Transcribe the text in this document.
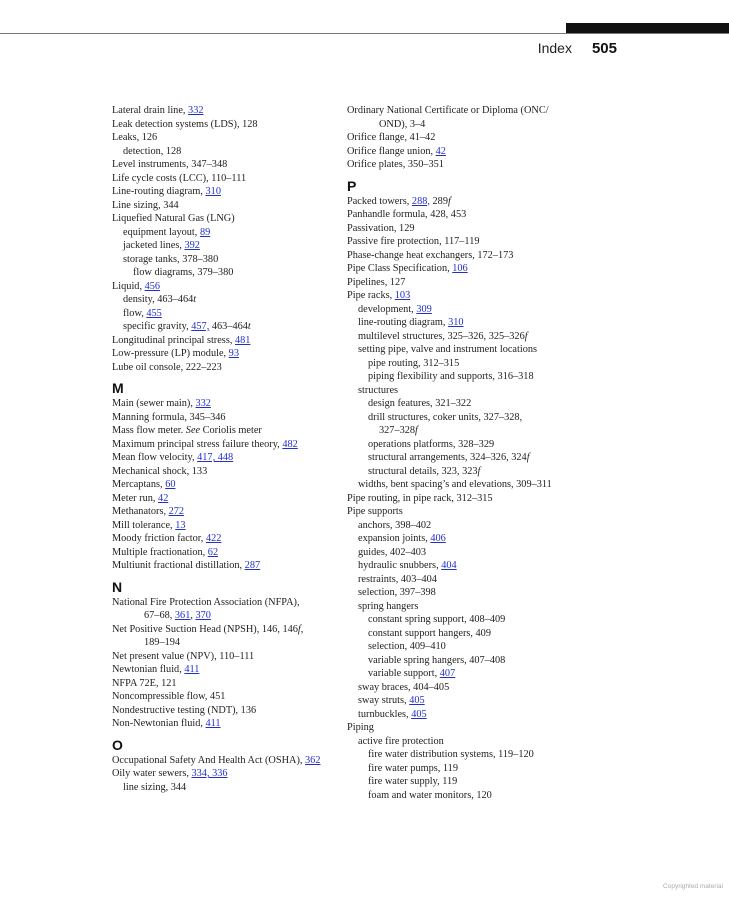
Index 505
Lateral drain line, 332
Leak detection systems (LDS), 128
Leaks, 126
detection, 128
Level instruments, 347–348
Life cycle costs (LCC), 110–111
Line-routing diagram, 310
Line sizing, 344
Liquefied Natural Gas (LNG)
equipment layout, 89
jacketed lines, 392
storage tanks, 378–380
flow diagrams, 379–380
Liquid, 456
density, 463–464t
flow, 455
specific gravity, 457, 463–464t
Longitudinal principal stress, 481
Low-pressure (LP) module, 93
Lube oil console, 222–223
M
Main (sewer main), 332
Manning formula, 345–346
Mass flow meter. See Coriolis meter
Maximum principal stress failure theory, 482
Mean flow velocity, 417, 448
Mechanical shock, 133
Mercaptans, 60
Meter run, 42
Methanators, 272
Mill tolerance, 13
Moody friction factor, 422
Multiple fractionation, 62
Multiunit fractional distillation, 287
N
National Fire Protection Association (NFPA),
67–68, 361, 370
Net Positive Suction Head (NPSH), 146, 146f,
189–194
Net present value (NPV), 110–111
Newtonian fluid, 411
NFPA 72E, 121
Noncompressible flow, 451
Nondestructive testing (NDT), 136
Non-Newtonian fluid, 411
O
Occupational Safety And Health Act (OSHA), 362
Oily water sewers, 334, 336
line sizing, 344
Ordinary National Certificate or Diploma (ONC/
OND), 3–4
Orifice flange, 41–42
Orifice flange union, 42
Orifice plates, 350–351
P
Packed towers, 288, 289f
Panhandle formula, 428, 453
Passivation, 129
Passive fire protection, 117–119
Phase-change heat exchangers, 172–173
Pipe Class Specification, 106
Pipelines, 127
Pipe racks, 103
development, 309
line-routing diagram, 310
multilevel structures, 325–326, 325–326f
setting pipe, valve and instrument locations
pipe routing, 312–315
piping flexibility and supports, 316–318
structures
design features, 321–322
drill structures, coker units, 327–328,
327–328f
operations platforms, 328–329
structural arrangements, 324–326, 324f
structural details, 323, 323f
widths, bent spacing’s and elevations, 309–311
Pipe routing, in pipe rack, 312–315
Pipe supports
anchors, 398–402
expansion joints, 406
guides, 402–403
hydraulic snubbers, 404
restraints, 403–404
selection, 397–398
spring hangers
constant spring support, 408–409
constant support hangers, 409
selection, 409–410
variable spring hangers, 407–408
variable support, 407
sway braces, 404–405
sway struts, 405
turnbuckles, 405
Piping
active fire protection
fire water distribution systems, 119–120
fire water pumps, 119
fire water supply, 119
foam and water monitors, 120
Copyrighted material
